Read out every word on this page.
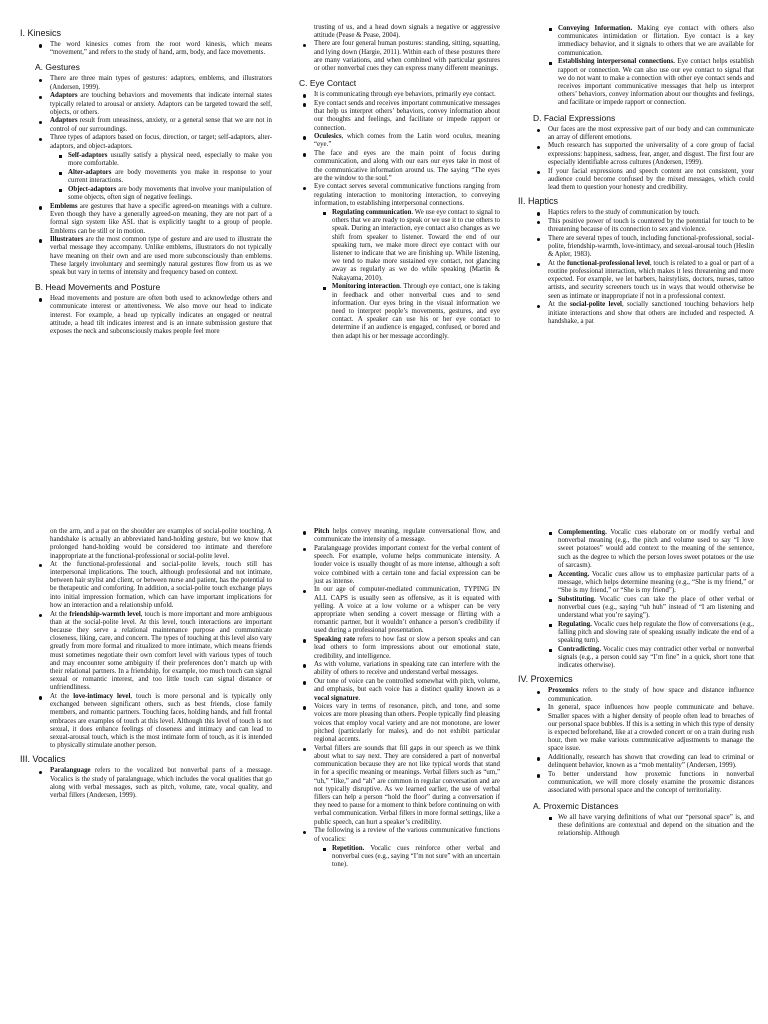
I. Kinesics
The word kinesics comes from the root word kinesis, which means “movement,” and refers to the study of hand, arm, body, and face movements.
A. Gestures
There are three main types of gestures: adaptors, emblems, and illustrators (Andersen, 1999).
Adaptors are touching behaviors and movements that indicate internal states typically related to arousal or anxiety. Adaptors can be targeted toward the self, objects, or others.
Adaptors result from uneasiness, anxiety, or a general sense that we are not in control of our surroundings.
Three types of adaptors based on focus, direction, or target; self-adaptors, alter-adaptors, and object-adaptors.
Self-adaptors usually satisfy a physical need, especially to make you more comfortable.
Alter-adaptors are body movements you make in response to your current interactions.
Object-adaptors are body movements that involve your manipulation of some objects, often sign of negative feelings.
Emblems are gestures that have a specific agreed-on meanings with a culture. Even though they have a generally agreed-on meaning, they are not part of a formal sign system like ASL that is explicitly taught to a group of people. Emblems can be still or in motion.
Illustrators are the most common type of gesture and are used to illustrate the verbal message they accompany. Unlike emblems, illustrators do not typically have meaning on their own and are used more subconsciously than emblems. These largely involuntary and seemingly natural gestures flow from us as we speak but vary in terms of intensity and frequency based on context.
B. Head Movements and Posture
Head movements and posture are often both used to acknowledge others and communicate interest or attentiveness. We also move our head to indicate interest. For example, a head up typically indicates an engaged or neutral attitude, a head tilt indicates interest and is an innate submission gesture that exposes the neck and subconsciously makes people feel more

trusting of us, and a head down signals a negative or aggressive attitude (Pease & Pease, 2004).

There are four general human postures: standing, sitting, squatting, and lying down (Hargie, 2011). Within each of these postures there are many variations, and when combined with particular gestures or other nonverbal cues they can express many different meanings.
C. Eye Contact
It is communicating through eye behaviors, primarily eye contact.
Eye contact sends and receives important communicative messages that help us interpret others’ behaviors, convey information about our thoughts and feelings, and facilitate or impede rapport or connection.
Oculesics, which comes from the Latin word oculus, meaning “eye.”
The face and eyes are the main point of focus during communication, and along with our ears our eyes take in most of the communicative information around us. The saying “The eyes are the window to the soul.”
Eye contact serves several communicative functions ranging from regulating interaction to monitoring interaction, to conveying information, to establishing interpersonal connections.
Regulating communication. We use eye contact to signal to others that we are ready to speak or we use it to cue others to speak. During an interaction, eye contact also changes as we shift from speaker to listener. Toward the end of our speaking turn, we make more direct eye contact with our listener to indicate that we are finishing up. While listening, we tend to make more sustained eye contact, not glancing away as regularly as we do while speaking (Martin & Nakayama, 2010).
Monitoring interaction. Through eye contact, one is taking in feedback and other nonverbal cues and to send information. Our eyes bring in the visual information we need to interpret people’s movements, gestures, and eye contact. A speaker can use his or her eye contact to determine if an audience is engaged, confused, or bored and then adapt his or her message accordingly.
Conveying Information. Making eye contact with others also communicates intimidation or flirtation. Eye contact is a key immediacy behavior, and it signals to others that we are available for communication.
Establishing interpersonal connections. Eye contact helps establish rapport or connection. We can also use our eye contact to signal that we do not want to make a connection with other eye contact sends and receives important communicative messages that help us interpret others’ behaviors, convey information about our thoughts and feelings, and facilitate or impede rapport or connection.
D. Facial Expressions
Our faces are the most expressive part of our body and can communicate an array of different emotions.
Much research has supported the universality of a core group of facial expressions: happiness, sadness, fear, anger, and disgust. The first four are especially identifiable across cultures (Andersen, 1999).
If your facial expressions and speech content are not consistent, your audience could become confused by the mixed messages, which could lead them to question your honesty and credibility.
II. Haptics
Haptics refers to the study of communication by touch.
This positive power of touch is countered by the potential for touch to be threatening because of its connection to sex and violence.
There are several types of touch, including functional-professional, social-polite, friendship-warmth, love-intimacy, and sexual-arousal touch (Heslin & Apler, 1983).
At the functional-professional level, touch is related to a goal or part of a routine professional interaction, which makes it less threatening and more expected. For example, we let barbers, hairstylists, doctors, nurses, tattoo artists, and security screeners touch us in ways that would otherwise be seen as intimate or inappropriate if not in a professional context.
At the social-polite level, socially sanctioned touching behaviors help initiate interactions and show that others are included and respected. A handshake, a pat

on the arm, and a pat on the shoulder are examples of social-polite touching. A handshake is actually an abbreviated hand-holding gesture, but we know that prolonged hand-holding would be considered too intimate and therefore inappropriate at the functional-professional or social-polite level.

At the functional-professional and social-polite levels, touch still has interpersonal implications. The touch, although professional and not intimate, between hair stylist and client, or between nurse and patient, has the potential to be therapeutic and comforting. In addition, a social-polite touch exchange plays into initial impression formation, which can have important implications for how an interaction and a relationship unfold.
At the friendship-warmth level, touch is more important and more ambiguous than at the social-polite level. At this level, touch interactions are important because they serve a relational maintenance purpose and communicate closeness, liking, care, and concern. The types of touching at this level also vary greatly from more formal and ritualized to more intimate, which means friends must sometimes negotiate their own comfort level with various types of touch and may encounter some ambiguity if their preferences don’t match up with their relational partners. In a friendship, for example, too much touch can signal sexual or romantic interest, and too little touch can signal distance or unfriendliness.
At the love-intimacy level, touch is more personal and is typically only exchanged between significant others, such as best friends, close family members, and romantic partners. Touching faces, holding hands, and full frontal embraces are examples of touch at this level. Although this level of touch is not sexual, it does enhance feelings of closeness and intimacy and can lead to sexual-arousal touch, which is the most intimate form of touch, as it is intended to physically stimulate another person.
III. Vocalics
Paralanguage refers to the vocalized but nonverbal parts of a message. Vocalics is the study of paralanguage, which includes the vocal qualities that go along with verbal messages, such as pitch, volume, rate, vocal quality, and verbal fillers (Andersen, 1999).
Pitch helps convey meaning, regulate conversational flow, and communicate the intensity of a message.
Paralanguage provides important context for the verbal content of speech. For example, volume helps communicate intensity. A louder voice is usually thought of as more intense, although a soft voice combined with a certain tone and facial expression can be just as intense.
In our age of computer-mediated communication, TYPING IN ALL CAPS is usually seen as offensive, as it is equated with yelling. A voice at a low volume or a whisper can be very appropriate when sending a covert message or flirting with a romantic partner, but it wouldn’t enhance a person’s credibility if used during a professional presentation.
Speaking rate refers to how fast or slow a person speaks and can lead others to form impressions about our emotional state, credibility, and intelligence.
As with volume, variations in speaking rate can interfere with the ability of others to receive and understand verbal messages.
Our tone of voice can be controlled somewhat with pitch, volume, and emphasis, but each voice has a distinct quality known as a vocal signature.
Voices vary in terms of resonance, pitch, and tone, and some voices are more pleasing than others. People typically find pleasing voices that employ vocal variety and are not monotone, are lower pitched (particularly for males), and do not exhibit particular regional accents.
Verbal fillers are sounds that fill gaps in our speech as we think about what to say next. They are considered a part of nonverbal communication because they are not like typical words that stand in for a specific meaning or meanings. Verbal fillers such as “um,” “uh,” “like,” and “ah” are common in regular conversation and are not typically disruptive. As we learned earlier, the use of verbal fillers can help a person “hold the floor” during a conversation if they need to pause for a moment to think before continuing on with verbal communication. Verbal fillers in more formal settings, like a public speech, can hurt a speaker’s credibility.
The following is a review of the various communicative functions of vocalics:
Repetition. Vocalic cues reinforce other verbal and nonverbal cues (e.g., saying “I’m not sure” with an uncertain tone).
Complementing. Vocalic cues elaborate on or modify verbal and nonverbal meaning (e.g., the pitch and volume used to say “I love sweet potatoes” would add context to the meaning of the sentence, such as the degree to which the person loves sweet potatoes or the use of sarcasm).
Accenting. Vocalic cues allow us to emphasize particular parts of a message, which helps determine meaning (e.g., “She is my friend,” or “She is my friend,” or “She is my friend”).
Substituting. Vocalic cues can take the place of other verbal or nonverbal cues (e.g., saying “uh huh” instead of “I am listening and understand what you’re saying”).
Regulating. Vocalic cues help regulate the flow of conversations (e.g., falling pitch and slowing rate of speaking usually indicate the end of a speaking turn).
Contradicting. Vocalic cues may contradict other verbal or nonverbal signals (e.g., a person could say “I’m fine” in a quick, short tone that indicates otherwise).
IV. Proxemics
Proxemics refers to the study of how space and distance influence communication.
In general, space influences how people communicate and behave. Smaller spaces with a higher density of people often lead to breaches of our personal space bubbles. If this is a setting in which this type of density is expected beforehand, like at a crowded concert or on a train during rush hour, then we make various communicative adjustments to manage the space issue.
Additionally, research has shown that crowding can lead to criminal or delinquent behavior, known as a “mob mentality” (Andersen, 1999).
To better understand how proxemic functions in nonverbal communication, we will more closely examine the proxemic distances associated with personal space and the concept of territoriality.
A. Proxemic Distances
We all have varying definitions of what our “personal space” is, and these definitions are contextual and depend on the situation and the relationship. Although
